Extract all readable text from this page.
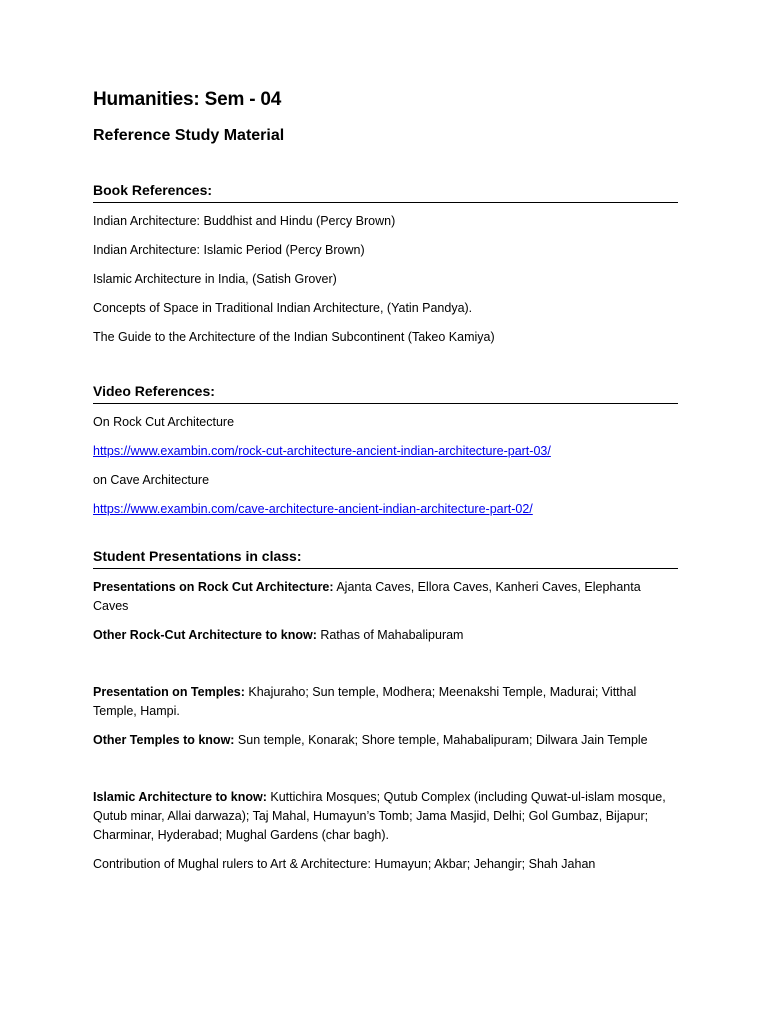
Humanities: Sem - 04
Reference Study Material
Book References:
Indian Architecture: Buddhist and Hindu (Percy Brown)
Indian Architecture: Islamic Period (Percy Brown)
Islamic Architecture in India, (Satish Grover)
Concepts of Space in Traditional Indian Architecture, (Yatin Pandya).
The Guide to the Architecture of the Indian Subcontinent (Takeo Kamiya)
Video References:

On Rock Cut Architecture

https://www.exambin.com/rock-cut-architecture-ancient-indian-architecture-part-03/

on Cave Architecture

https://www.exambin.com/cave-architecture-ancient-indian-architecture-part-02/

Student Presentations in class:

Presentations on Rock Cut Architecture: Ajanta Caves, Ellora Caves, Kanheri Caves, Elephanta Caves

Other Rock-Cut Architecture to know: Rathas of Mahabalipuram

Presentation on Temples: Khajuraho; Sun temple, Modhera; Meenakshi Temple, Madurai; Vitthal Temple, Hampi.

Other Temples to know: Sun temple, Konarak; Shore temple, Mahabalipuram; Dilwara Jain Temple

Islamic Architecture to know: Kuttichira Mosques; Qutub Complex (including Quwat-ul-islam mosque, Qutub minar, Allai darwaza); Taj Mahal, Humayun’s Tomb; Jama Masjid, Delhi; Gol Gumbaz, Bijapur; Charminar, Hyderabad; Mughal Gardens (char bagh).

Contribution of Mughal rulers to Art & Architecture: Humayun; Akbar; Jehangir; Shah Jahan
